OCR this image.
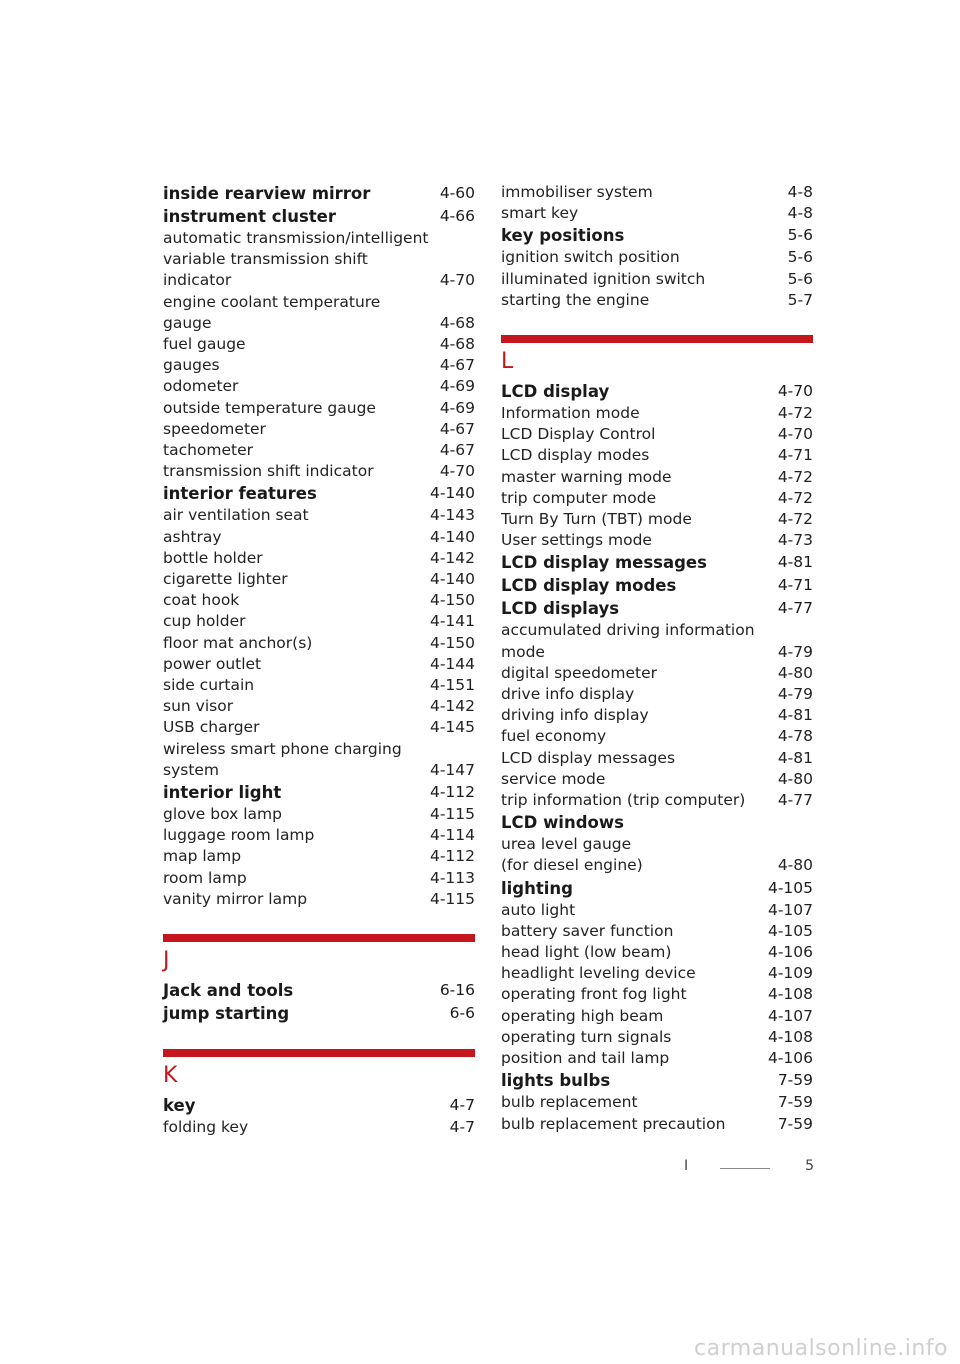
inside rearview mirror	4-60
instrument cluster	4-66
automatic transmission/intelligent
variable transmission shift
indicator	4-70
engine coolant temperature
gauge	4-68
fuel gauge	4-68
gauges	4-67
odometer	4-69
outside temperature gauge	4-69
speedometer	4-67
tachometer	4-67
transmission shift indicator	4-70
interior features	4-140
air ventilation seat	4-143
ashtray	4-140
bottle holder	4-142
cigarette lighter	4-140
coat hook	4-150
cup holder	4-141
floor mat anchor(s)	4-150
power outlet	4-144
side curtain	4-151
sun visor	4-142
USB charger	4-145
wireless smart phone charging
system	4-147
interior light	4-112
glove box lamp	4-115
luggage room lamp	4-114
map lamp	4-112
room lamp	4-113
vanity mirror lamp	4-115
J
Jack and tools	6-16
jump starting	6-6
K
key	4-7
folding key	4-7
immobiliser system	4-8
smart key	4-8
key positions	5-6
ignition switch position	5-6
illuminated ignition switch	5-6
starting the engine	5-7
L
LCD display	4-70
Information mode	4-72
LCD Display Control	4-70
LCD display modes	4-71
master warning mode	4-72
trip computer mode	4-72
Turn By Turn (TBT) mode	4-72
User settings mode	4-73
LCD display messages	4-81
LCD display modes	4-71
LCD displays	4-77
accumulated driving information
mode	4-79
digital speedometer	4-80
drive info display	4-79
driving info display	4-81
fuel economy	4-78
LCD display messages	4-81
service mode	4-80
trip information (trip computer) 4-77
LCD windows
urea level gauge
(for diesel engine)	4-80
lighting	4-105
auto light	4-107
battery saver function	4-105
head light (low beam)	4-106
headlight leveling device	4-109
operating front fog light	4-108
operating high beam	4-107
operating turn signals	4-108
position and tail lamp	4-106
lights bulbs	7-59
bulb replacement	7-59
bulb replacement precaution	7-59
I	5
carmanualsonline.info
